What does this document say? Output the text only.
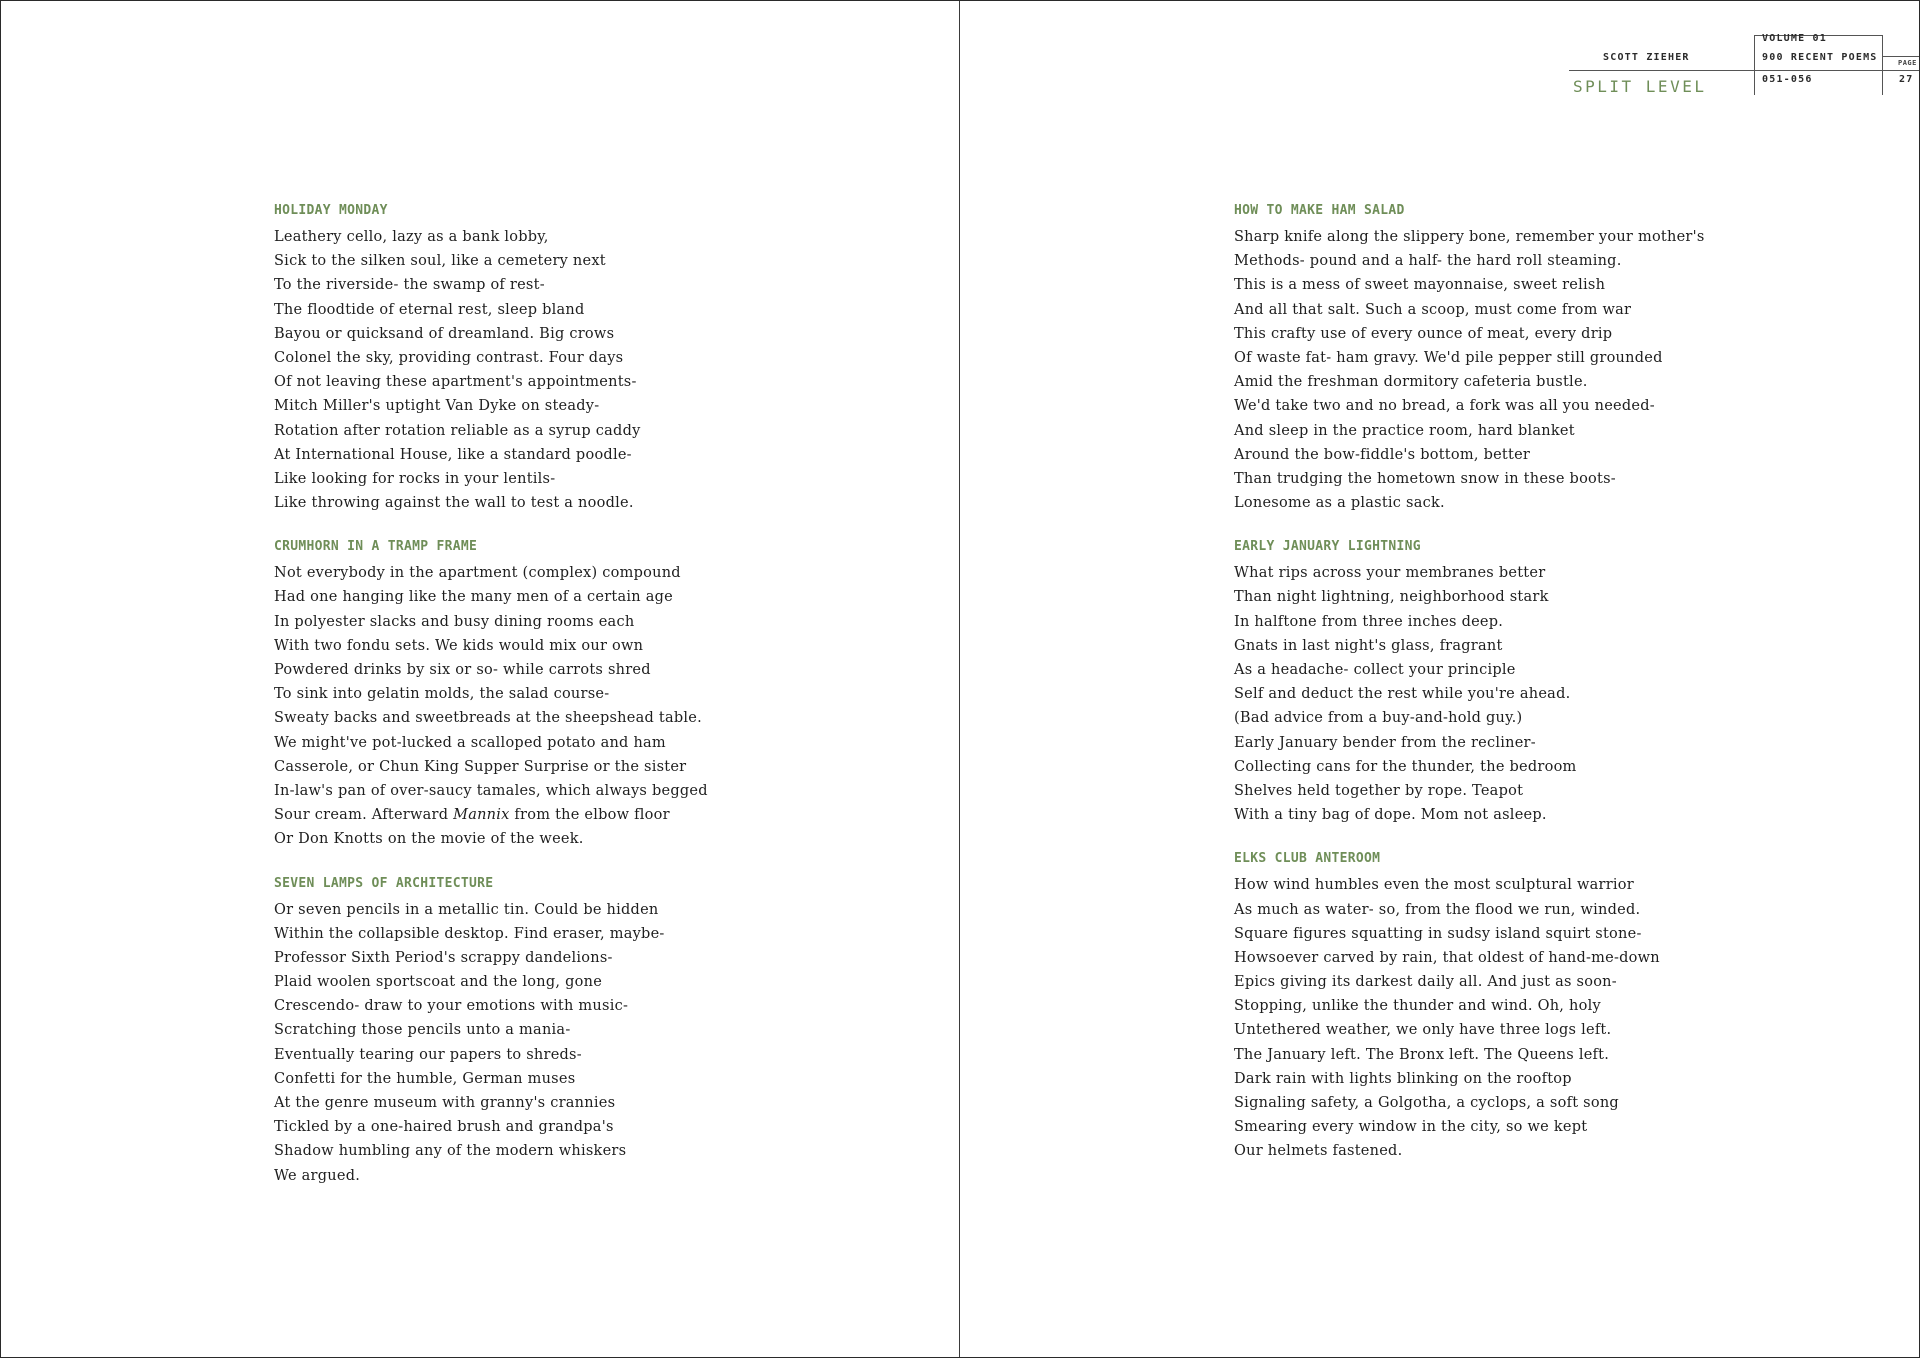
HOLIDAY MONDAY
Leathery cello, lazy as a bank lobby,
Sick to the silken soul, like a cemetery next
To the riverside- the swamp of rest-
The floodtide of eternal rest, sleep bland
Bayou or quicksand of dreamland. Big crows
Colonel the sky, providing contrast. Four days
Of not leaving these apartment's appointments-
Mitch Miller's uptight Van Dyke on steady-
Rotation after rotation reliable as a syrup caddy
At International House, like a standard poodle-
Like looking for rocks in your lentils-
Like throwing against the wall to test a noodle.
CRUMHORN IN A TRAMP FRAME
Not everybody in the apartment (complex) compound
Had one hanging like the many men of a certain age
In polyester slacks and busy dining rooms each
With two fondu sets. We kids would mix our own
Powdered drinks by six or so- while carrots shred
To sink into gelatin molds, the salad course-
Sweaty backs and sweetbreads at the sheepshead table.
We might've pot-lucked a scalloped potato and ham
Casserole, or Chun King Supper Surprise or the sister
In-law's pan of over-saucy tamales, which always begged
Sour cream. Afterward Mannix from the elbow floor
Or Don Knotts on the movie of the week.
SEVEN LAMPS OF ARCHITECTURE
Or seven pencils in a metallic tin. Could be hidden
Within the collapsible desktop. Find eraser, maybe-
Professor Sixth Period's scrappy dandelions-
Plaid woolen sportscoat and the long, gone
Crescendo- draw to your emotions with music-
Scratching those pencils unto a mania-
Eventually tearing our papers to shreds-
Confetti for the humble, German muses
At the genre museum with granny's crannies
Tickled by a one-haired brush and grandpa's
Shadow humbling any of the modern whiskers
We argued.
VOLUME 01
SCOTT ZIEHER	900 RECENT POEMS	PAGE
SPLIT LEVEL	051-056	27
HOW TO MAKE HAM SALAD
Sharp knife along the slippery bone, remember your mother's
Methods- pound and a half- the hard roll steaming.
This is a mess of sweet mayonnaise, sweet relish
And all that salt. Such a scoop, must come from war
This crafty use of every ounce of meat, every drip
Of waste fat- ham gravy. We'd pile pepper still grounded
Amid the freshman dormitory cafeteria bustle.
We'd take two and no bread, a fork was all you needed-
And sleep in the practice room, hard blanket
Around the bow-fiddle's bottom, better
Than trudging the hometown snow in these boots-
Lonesome as a plastic sack.
EARLY JANUARY LIGHTNING
What rips across your membranes better
Than night lightning, neighborhood stark
In halftone from three inches deep.
Gnats in last night's glass, fragrant
As a headache- collect your principle
Self and deduct the rest while you're ahead.
(Bad advice from a buy-and-hold guy.)
Early January bender from the recliner-
Collecting cans for the thunder, the bedroom
Shelves held together by rope. Teapot
With a tiny bag of dope. Mom not asleep.
ELKS CLUB ANTEROOM
How wind humbles even the most sculptural warrior
As much as water- so, from the flood we run, winded.
Square figures squatting in sudsy island squirt stone-
Howsoever carved by rain, that oldest of hand-me-down
Epics giving its darkest daily all. And just as soon-
Stopping, unlike the thunder and wind. Oh, holy
Untethered weather, we only have three logs left.
The January left. The Bronx left. The Queens left.
Dark rain with lights blinking on the rooftop
Signaling safety, a Golgotha, a cyclops, a soft song
Smearing every window in the city, so we kept
Our helmets fastened.
